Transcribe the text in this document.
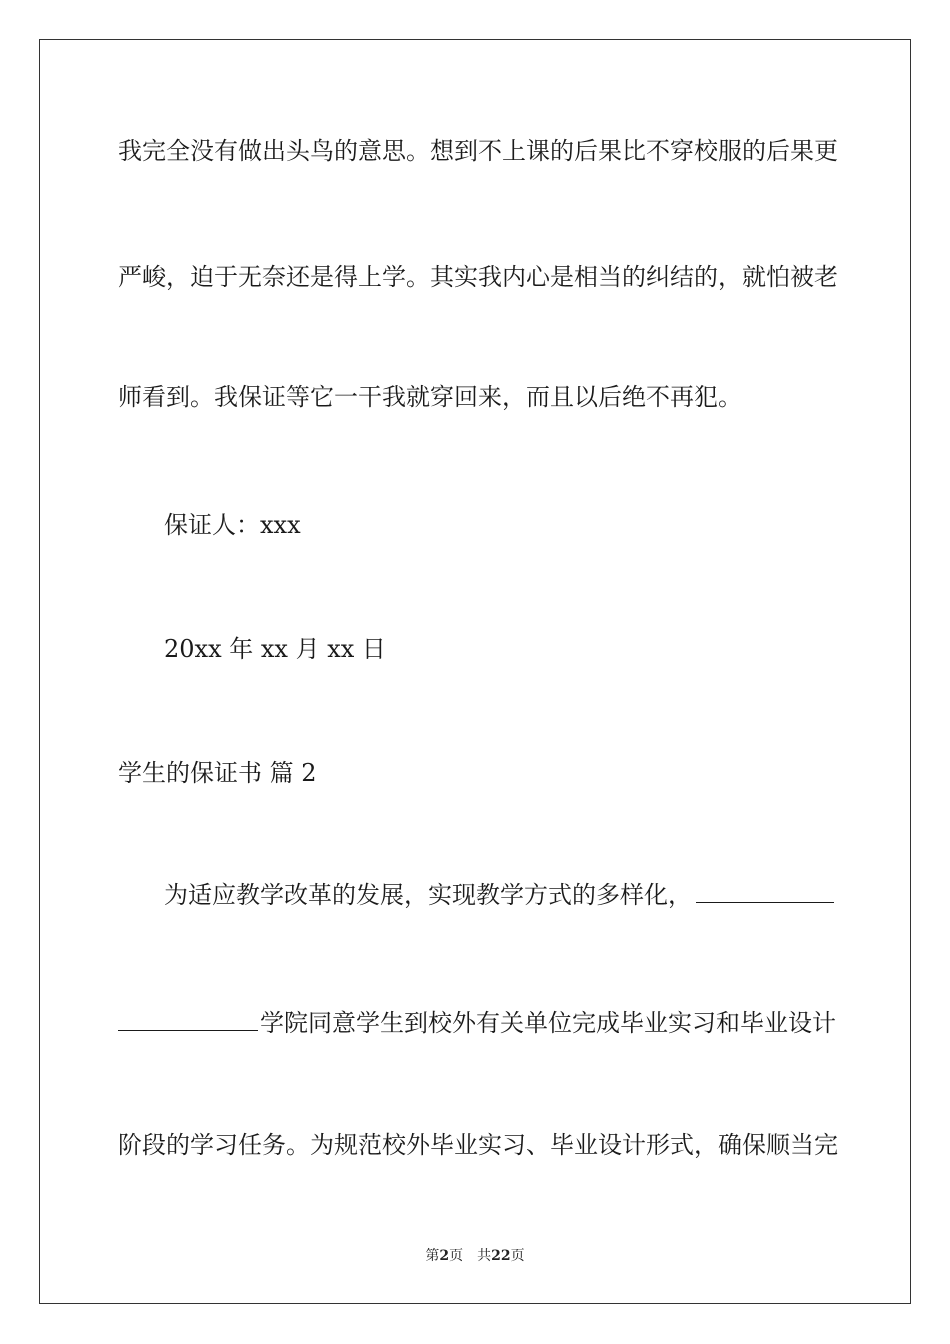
我完全没有做出头鸟的意思。想到不上课的后果比不穿校服的后果更
严峻，迫于无奈还是得上学。其实我内心是相当的纠结的，就怕被老
师看到。我保证等它一干我就穿回来，而且以后绝不再犯。
保证人：xxx
20xx 年 xx 月 xx 日
学生的保证书 篇 2
为适应教学改革的发展，实现教学方式的多样化，
学院同意学生到校外有关单位完成毕业实习和毕业设计
阶段的学习任务。为规范校外毕业实习、毕业设计形式，确保顺当完
第2页 共22页
